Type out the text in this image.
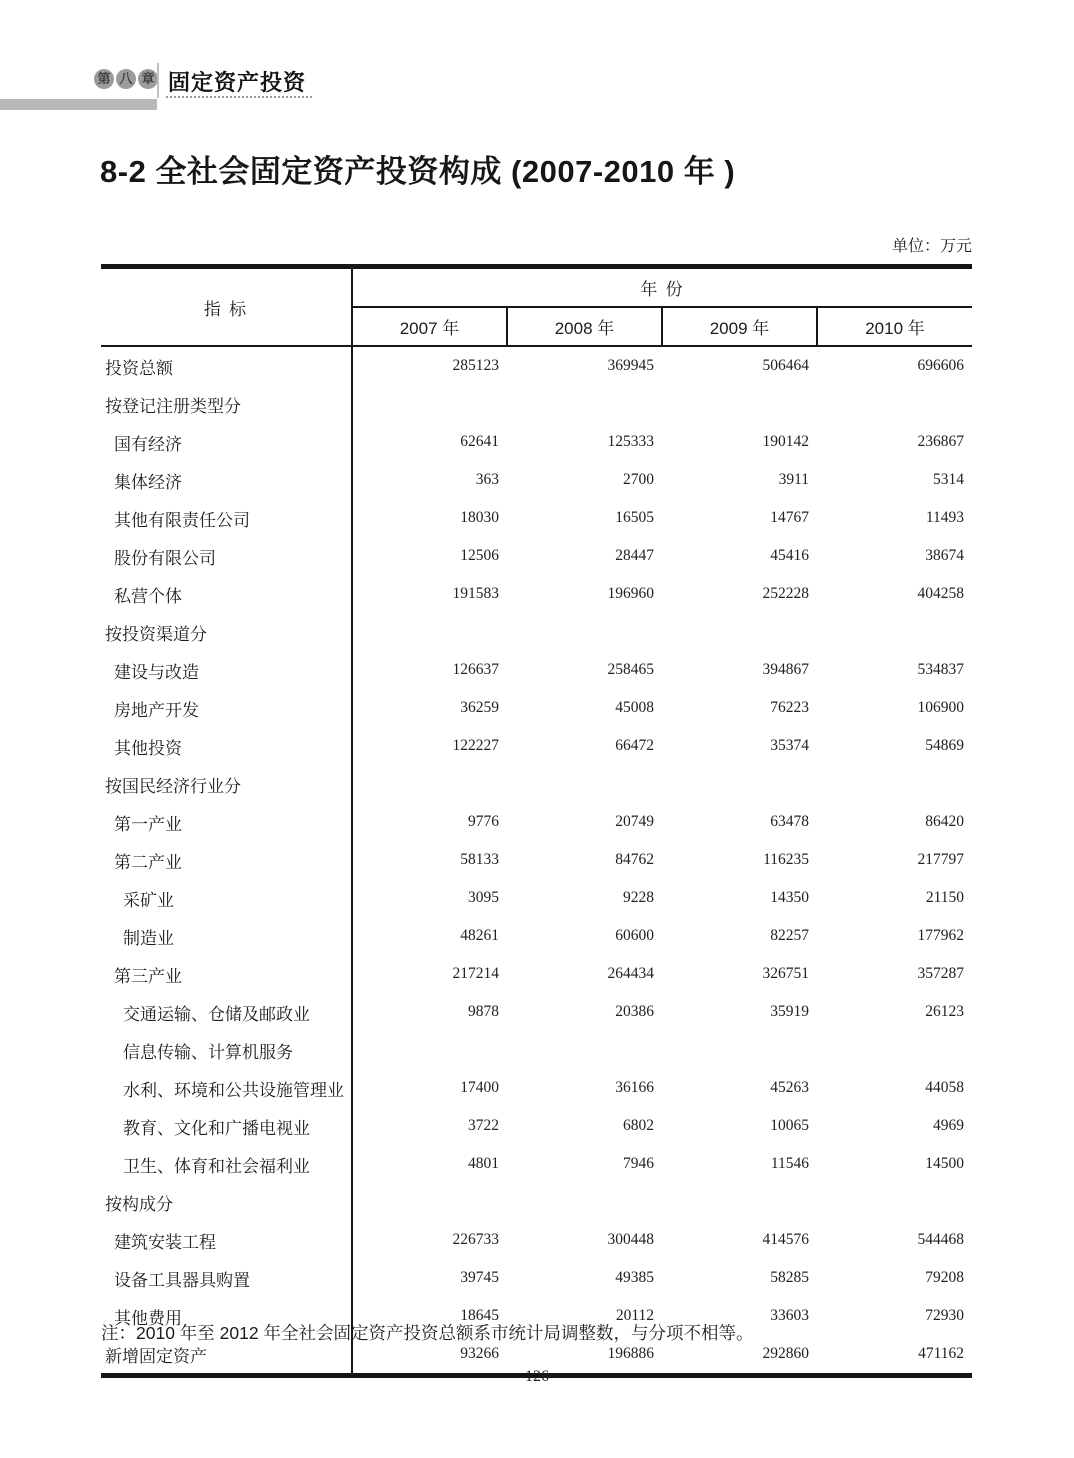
第 八 章 固定资产投资
8-2 全社会固定资产投资构成 (2007-2010 年 )
单位：万元
指 标	年 份			
	2007 年	2008 年	2009 年	2010 年
投资总额	285123	369945	506464	696606
按登记注册类型分				
国有经济	62641	125333	190142	236867
集体经济	363	2700	3911	5314
其他有限责任公司	18030	16505	14767	11493
股份有限公司	12506	28447	45416	38674
私营个体	191583	196960	252228	404258
按投资渠道分				
建设与改造	126637	258465	394867	534837
房地产开发	36259	45008	76223	106900
其他投资	122227	66472	35374	54869
按国民经济行业分				
第一产业	9776	20749	63478	86420
第二产业	58133	84762	116235	217797
采矿业	3095	9228	14350	21150
制造业	48261	60600	82257	177962
第三产业	217214	264434	326751	357287
交通运输、仓储及邮政业	9878	20386	35919	26123
信息传输、计算机服务				
水利、环境和公共设施管理业	17400	36166	45263	44058
教育、文化和广播电视业	3722	6802	10065	4969
卫生、体育和社会福利业	4801	7946	11546	14500
按构成分				
建筑安装工程	226733	300448	414576	544468
设备工具器具购置	39745	49385	58285	79208
其他费用	18645	20112	33603	72930
新增固定资产	93266	196886	292860	471162

注：2010 年至 2012 年全社会固定资产投资总额系市统计局调整数，与分项不相等。

–126–
